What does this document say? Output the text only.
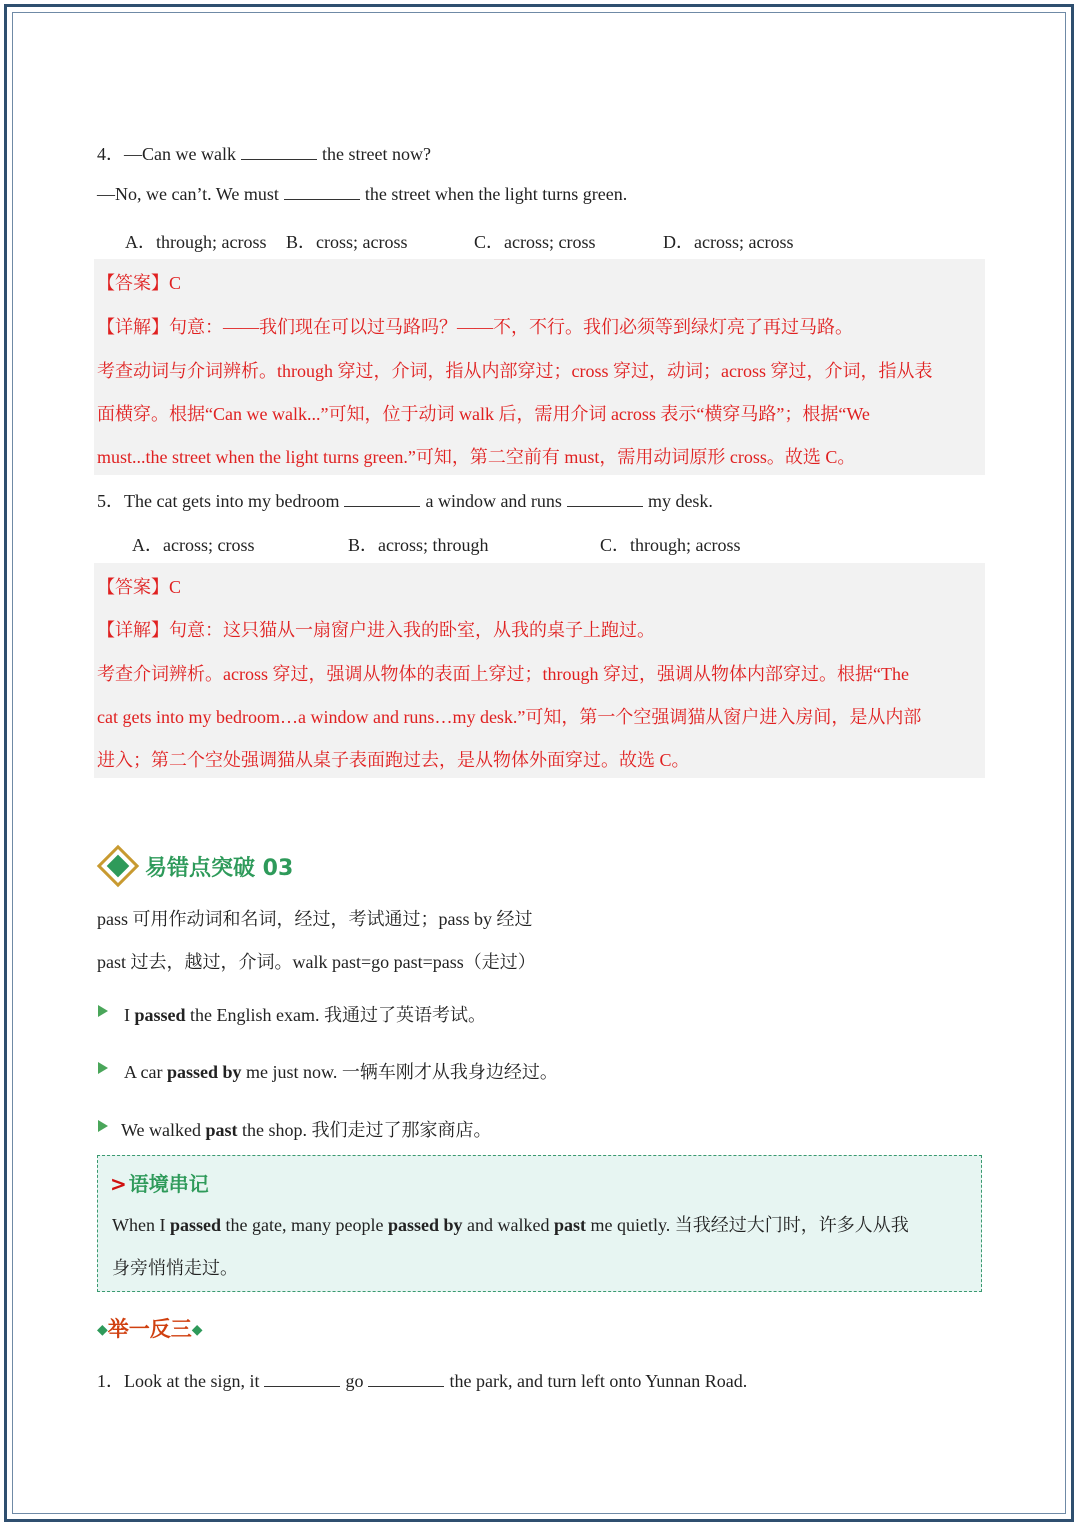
4．—Can we walk	the street now?
—No, we can’t. We must	the street when the light turns green.
A．through; across B．cross; across	C．across; cross	D．across; across
【答案】C
【详解】句意：——我们现在可以过马路吗？——不，不行。我们必须等到绿灯亮了再过马路。
考查动词与介词辨析。through 穿过，介词，指从内部穿过；cross 穿过，动词；across 穿过，介词，指从表
面横穿。根据“Can we walk...”可知，位于动词 walk 后，需用介词 across 表示“横穿马路”；根据“We
must...the street when the light turns green.”可知，第二空前有 must，需用动词原形 cross。故选 C。
5．The cat gets into my bedroom	a window and runs	my desk.
A．across; cross	B．across; through	C．through; across
【答案】C
【详解】句意：这只猫从一扇窗户进入我的卧室，从我的桌子上跑过。
考查介词辨析。across 穿过，强调从物体的表面上穿过；through 穿过，强调从物体内部穿过。根据“The
cat gets into my bedroom…a window and runs…my desk.”可知，第一个空强调猫从窗户进入房间，是从内部
进入；第二个空处强调猫从桌子表面跑过去，是从物体外面穿过。故选 C。
易错点突破 03
pass 可用作动词和名词，经过，考试通过；pass by 经过
past 过去，越过，介词。walk past=go past=pass（走过）
I passed the English exam. 我通过了英语考试。
A car passed by me just now. 一辆车刚才从我身边经过。
We walked past the shop. 我们走过了那家商店。
> 语境串记
When I passed the gate, many people passed by and walked past me quietly. 当我经过大门时，许多人从我
身旁悄悄走过。
◆举一反三◆
1．Look at the sign, it	go	the park, and turn left onto Yunnan Road.
